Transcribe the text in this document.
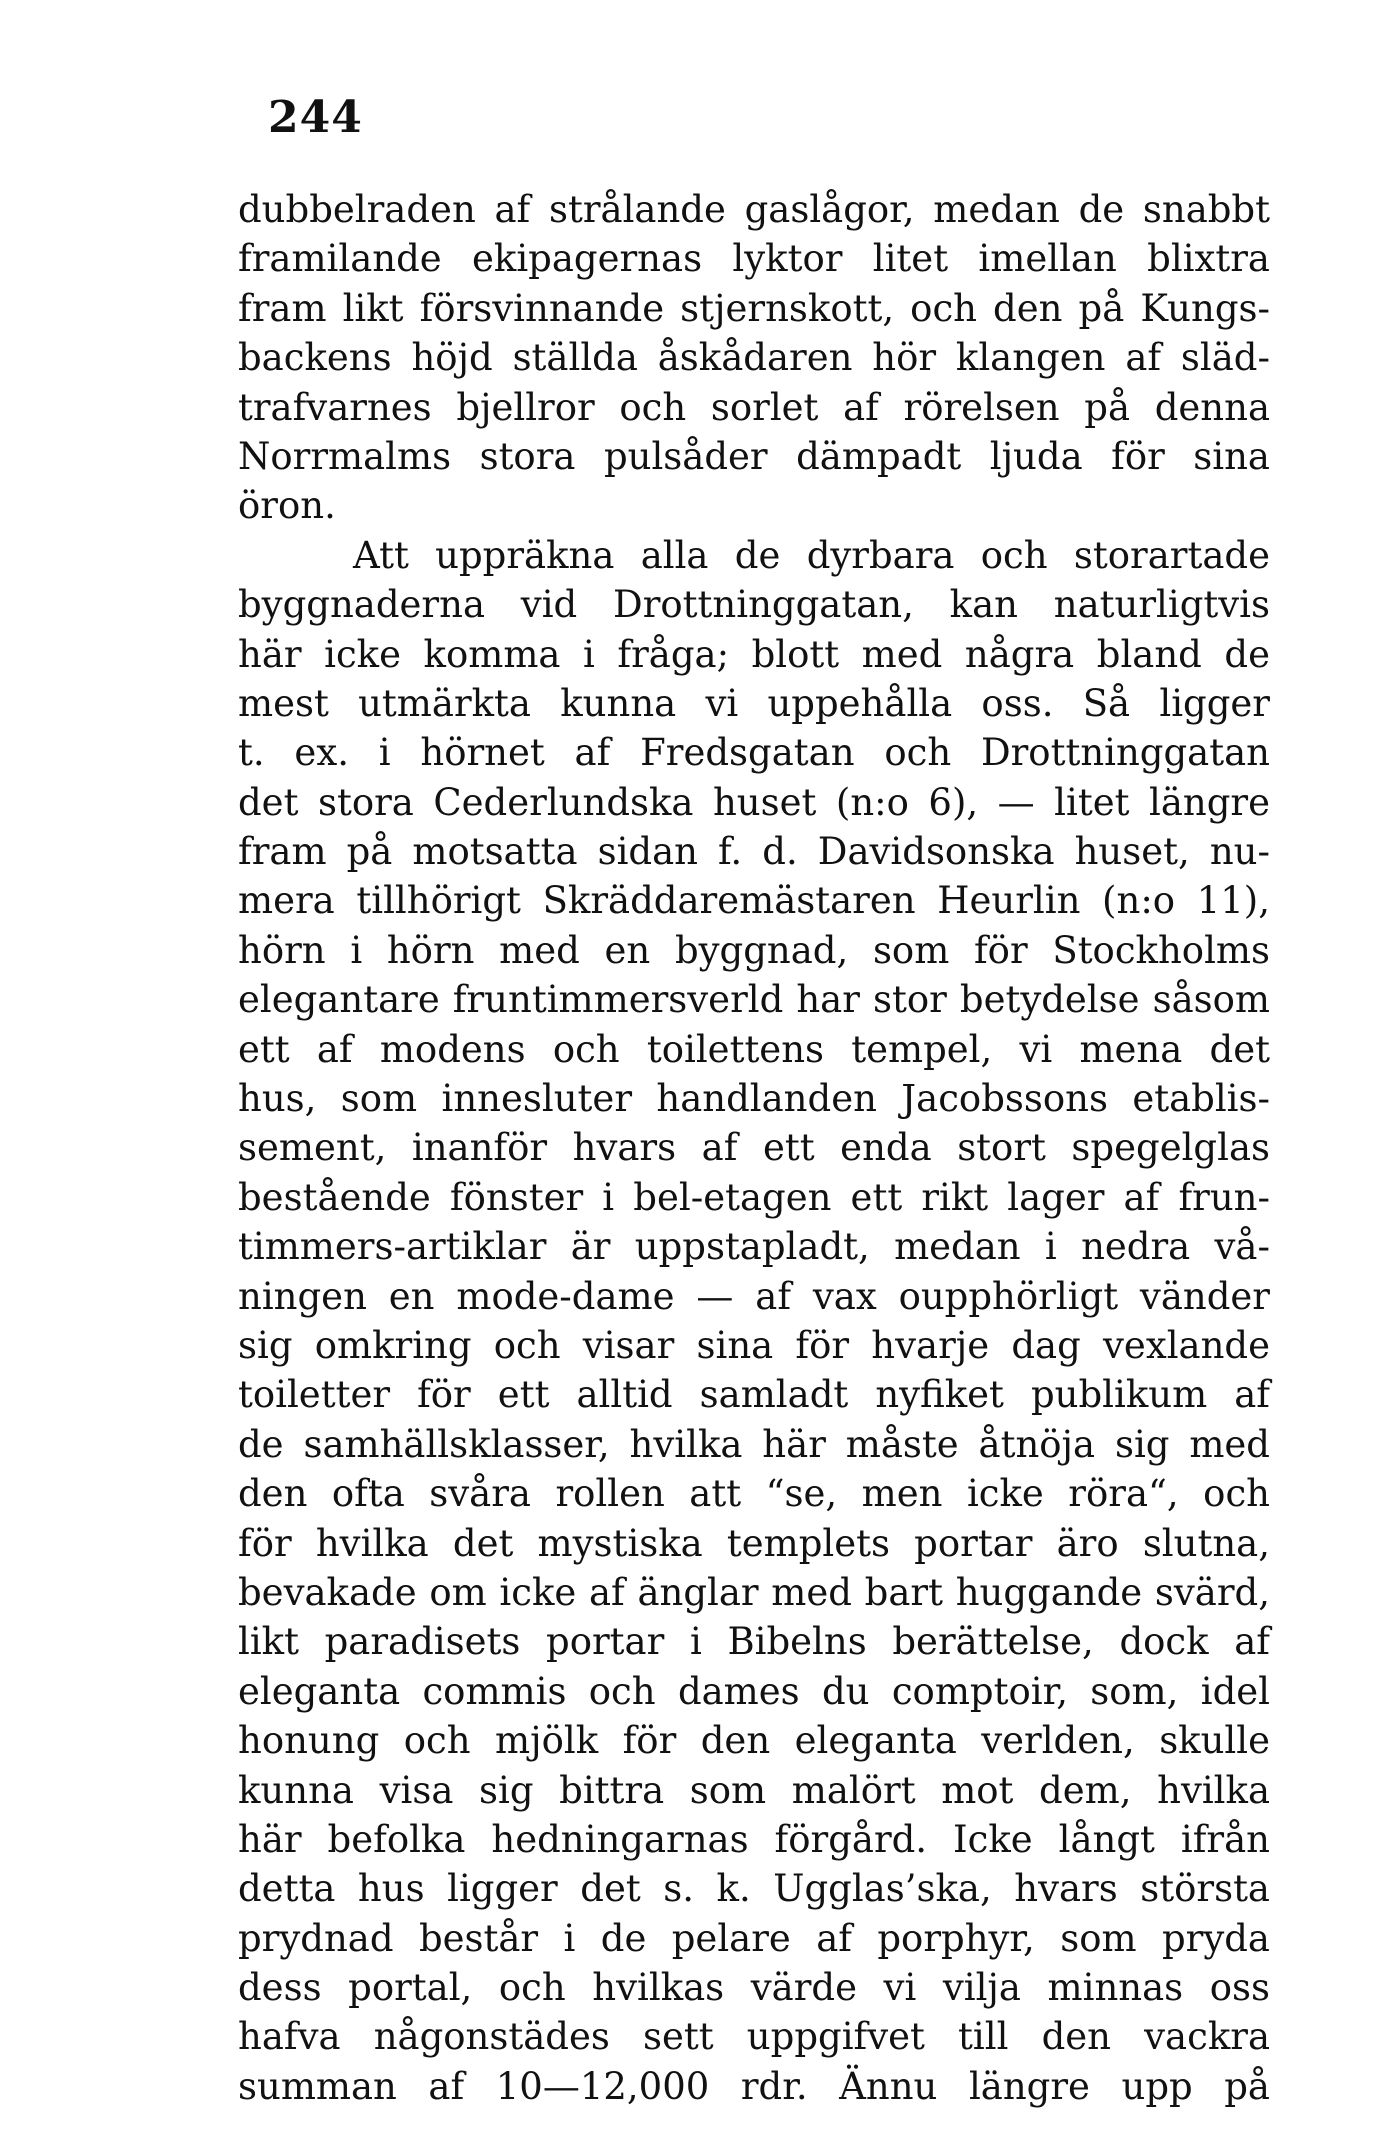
244
dubbelraden af strålande gaslågor, medan de snabbt
framilande ekipagernas lyktor litet imellan blixtra
fram likt försvinnande stjernskott, och den på Kungs-
backens höjd ställda åskådaren hör klangen af släd-
trafvarnes bjellror och sorlet af rörelsen på denna
Norrmalms stora pulsåder dämpadt ljuda för sina
öron.
Att uppräkna alla de dyrbara och storartade
byggnaderna vid Drottninggatan, kan naturligtvis
här icke komma i fråga; blott med några bland de
mest utmärkta kunna vi uppehålla oss. Så ligger
t. ex. i hörnet af Fredsgatan och Drottninggatan
det stora Cederlundska huset (n:o 6), — litet längre
fram på motsatta sidan f. d. Davidsonska huset, nu-
mera tillhörigt Skräddaremästaren Heurlin (n:o 11),
hörn i hörn med en byggnad, som för Stockholms
elegantare fruntimmersverld har stor betydelse såsom
ett af modens och toilettens tempel, vi mena det
hus, som innesluter handlanden Jacobssons etablis-
sement, inanför hvars af ett enda stort spegelglas
bestående fönster i bel-etagen ett rikt lager af frun-
timmers-artiklar är uppstapladt, medan i nedra vå-
ningen en mode-dame — af vax oupphörligt vänder
sig omkring och visar sina för hvarje dag vexlande
toiletter för ett alltid samladt nyfiket publikum af
de samhällsklasser, hvilka här måste åtnöja sig med
den ofta svåra rollen att “se, men icke röra“, och
för hvilka det mystiska templets portar äro slutna,
bevakade om icke af änglar med bart huggande svärd,
likt paradisets portar i Bibelns berättelse, dock af
eleganta commis och dames du comptoir, som, idel
honung och mjölk för den eleganta verlden, skulle
kunna visa sig bittra som malört mot dem, hvilka
här befolka hedningarnas förgård. Icke långt ifrån
detta hus ligger det s. k. Ugglas’ska, hvars största
prydnad består i de pelare af porphyr, som pryda
dess portal, och hvilkas värde vi vilja minnas oss
hafva någonstädes sett uppgifvet till den vackra
summan af 10—12,000 rdr. Ännu längre upp på
